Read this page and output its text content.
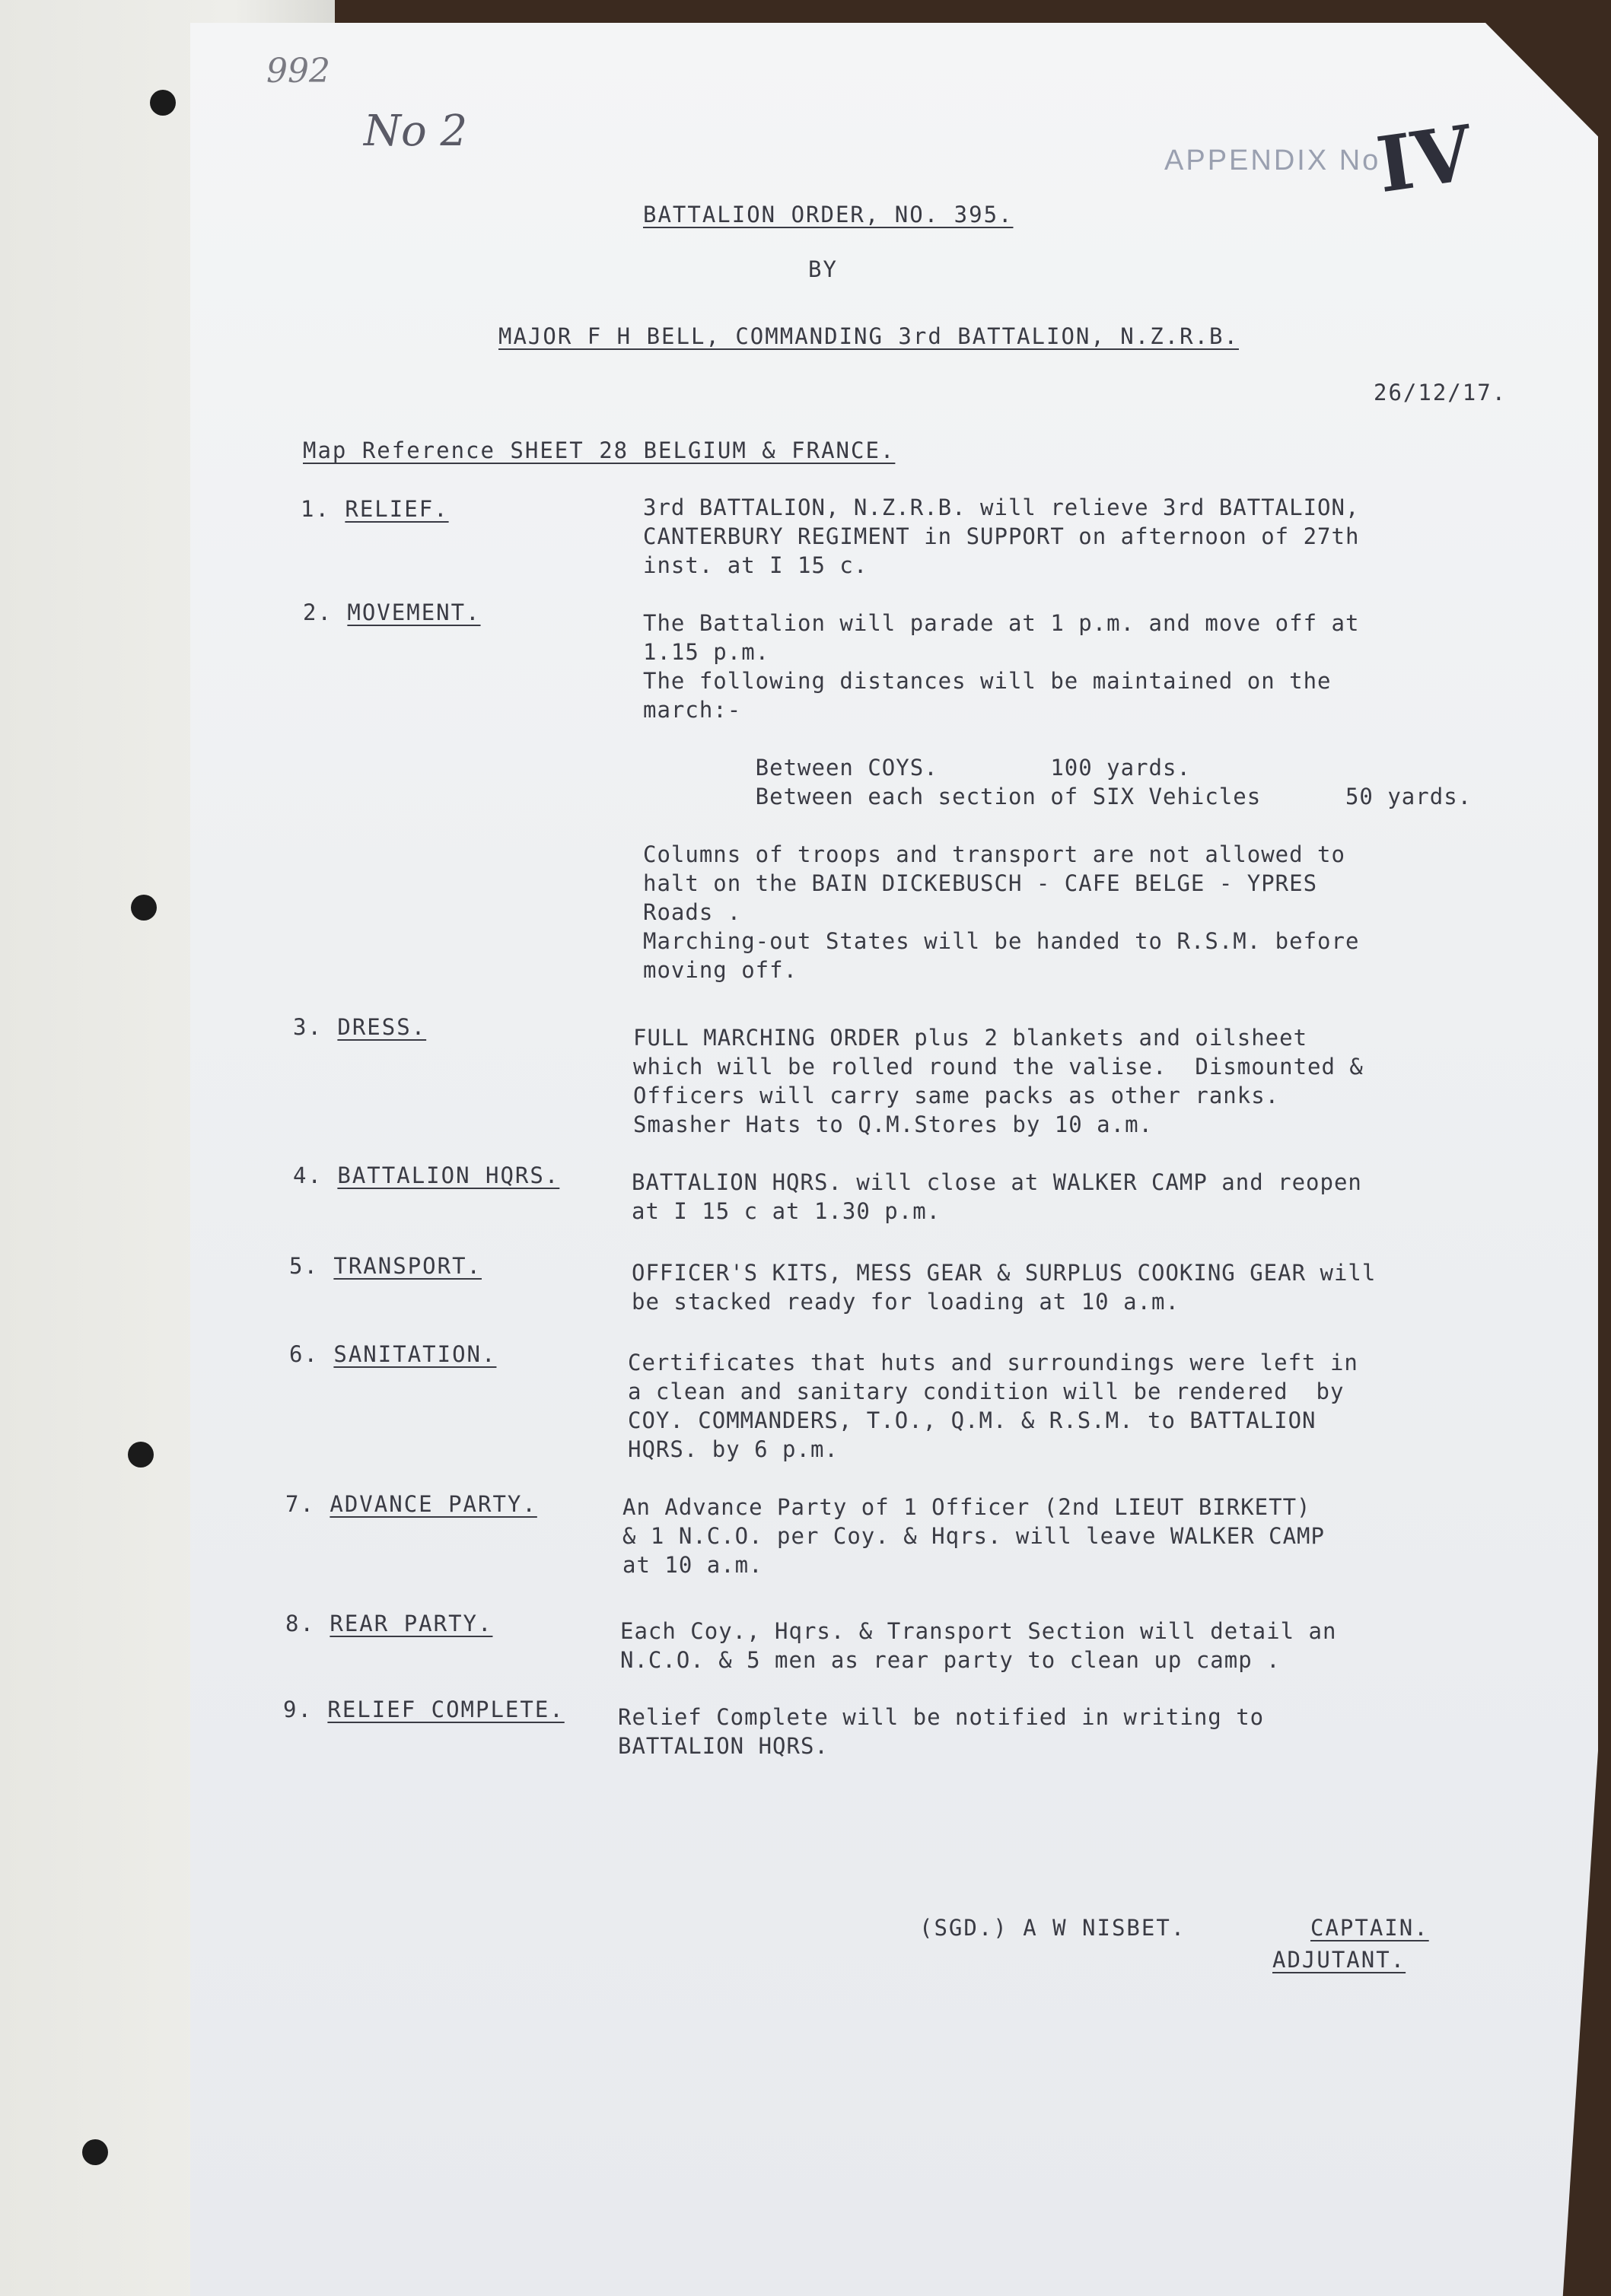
992
No 2
APPENDIX No
IV
BATTALION ORDER, NO. 395.
BY
MAJOR F H BELL, COMMANDING 3rd BATTALION, N.Z.R.B.
26/12/17.
Map Reference SHEET 28 BELGIUM & FRANCE.
1. RELIEF.	3rd BATTALION, N.Z.R.B. will relieve 3rd BATTALION,
CANTERBURY REGIMENT in SUPPORT on afternoon of 27th
inst. at I 15 c.
2. MOVEMENT.	The Battalion will parade at 1 p.m. and move off at
1.15 p.m.
The following distances will be maintained on the
march:-

Between COYS.        100 yards.
Between each section of SIX Vehicles      50 yards.

Columns of troops and transport are not allowed to
halt on the BAIN DICKEBUSCH - CAFE BELGE - YPRES
Roads .
Marching-out States will be handed to R.S.M. before
moving off.
3. DRESS.	FULL MARCHING ORDER plus 2 blankets and oilsheet
which will be rolled round the valise.  Dismounted &
Officers will carry same packs as other ranks.
Smasher Hats to Q.M.Stores by 10 a.m.
4. BATTALION HQRS.	BATTALION HQRS. will close at WALKER CAMP and reopen
at I 15 c at 1.30 p.m.
5. TRANSPORT.	OFFICER'S KITS, MESS GEAR & SURPLUS COOKING GEAR will
be stacked ready for loading at 10 a.m.
6. SANITATION.	Certificates that huts and surroundings were left in
a clean and sanitary condition will be rendered  by
COY. COMMANDERS, T.O., Q.M. & R.S.M. to BATTALION
HQRS. by 6 p.m.
7. ADVANCE PARTY.	An Advance Party of 1 Officer (2nd LIEUT BIRKETT)
& 1 N.C.O. per Coy. & Hqrs. will leave WALKER CAMP
at 10 a.m.
8. REAR PARTY.	Each Coy., Hqrs. & Transport Section will detail an
N.C.O. & 5 men as rear party to clean up camp .
9. RELIEF COMPLETE. Relief Complete will be notified in writing to
BATTALION HQRS.
(SGD.) A W NISBET.	CAPTAIN.
ADJUTANT.
